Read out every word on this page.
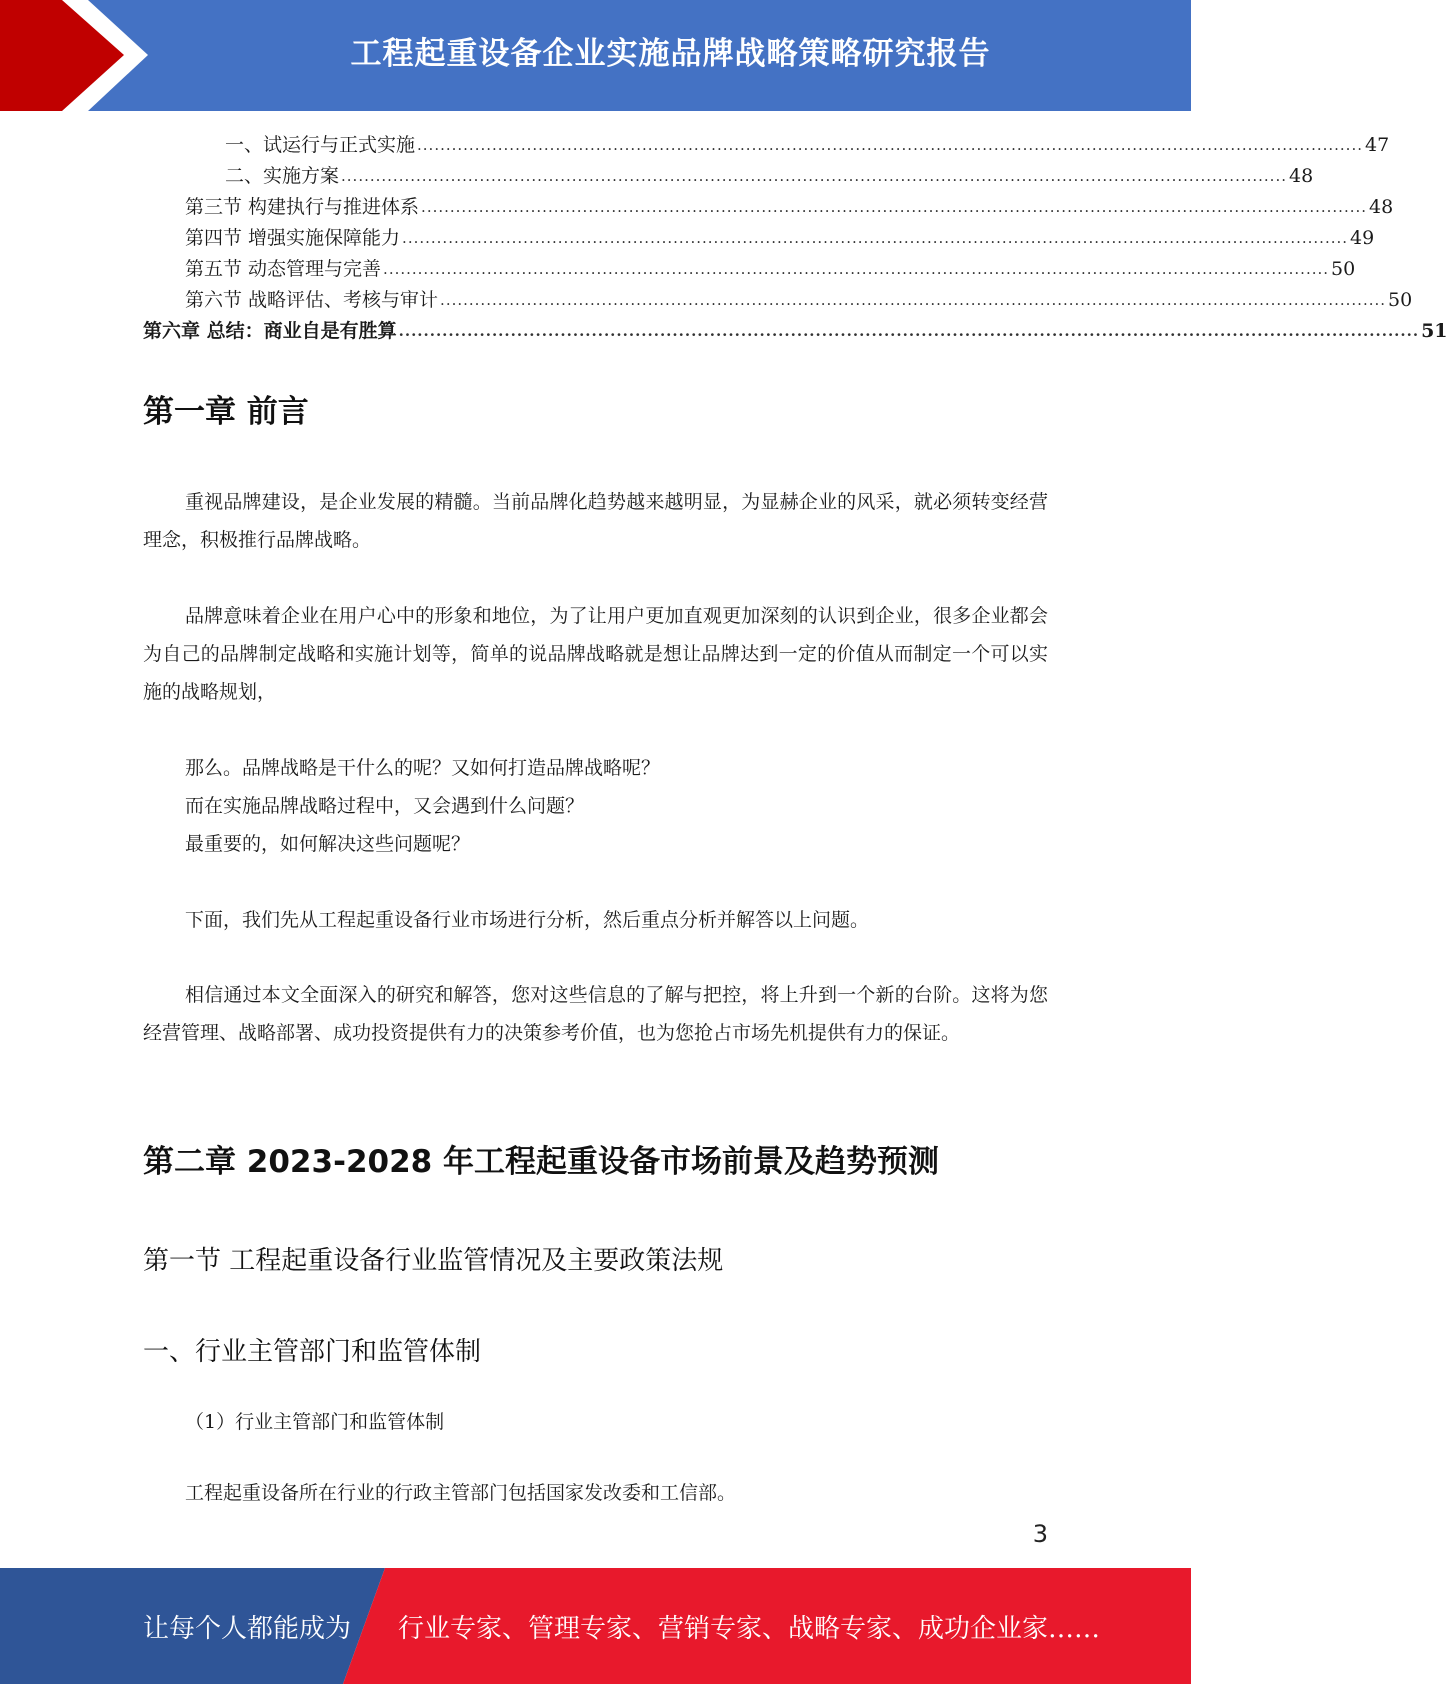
工程起重设备企业实施品牌战略策略研究报告
一、试运行与正式实施 .................................................................................................................................................................... 47
二、实施方案 .................................................................................................................................................................... 48
第三节 构建执行与推进体系 .................................................................................................................................................................... 48
第四节 增强实施保障能力 .................................................................................................................................................................... 49
第五节 动态管理与完善 .................................................................................................................................................................... 50
第六节 战略评估、考核与审计 .................................................................................................................................................................... 50
第六章 总结：商业自是有胜算 .................................................................................................................................................................... 51
第一章 前言

重视品牌建设，是企业发展的精髓。当前品牌化趋势越来越明显，为显赫企业的风采，就必须转变经营理念，积极推行品牌战略。

品牌意味着企业在用户心中的形象和地位，为了让用户更加直观更加深刻的认识到企业，很多企业都会为自己的品牌制定战略和实施计划等，简单的说品牌战略就是想让品牌达到一定的价值从而制定一个可以实施的战略规划，

那么。品牌战略是干什么的呢？又如何打造品牌战略呢？
而在实施品牌战略过程中，又会遇到什么问题？
最重要的，如何解决这些问题呢？

下面，我们先从工程起重设备行业市场进行分析，然后重点分析并解答以上问题。

相信通过本文全面深入的研究和解答，您对这些信息的了解与把控，将上升到一个新的台阶。这将为您经营管理、战略部署、成功投资提供有力的决策参考价值，也为您抢占市场先机提供有力的保证。

第二章 2023-2028 年工程起重设备市场前景及趋势预测
第一节 工程起重设备行业监管情况及主要政策法规
一、行业主管部门和监管体制
（1）行业主管部门和监管体制

工程起重设备所在行业的行政主管部门包括国家发改委和工信部。

3
让每个人都能成为 行业专家、管理专家、营销专家、战略专家、成功企业家……
